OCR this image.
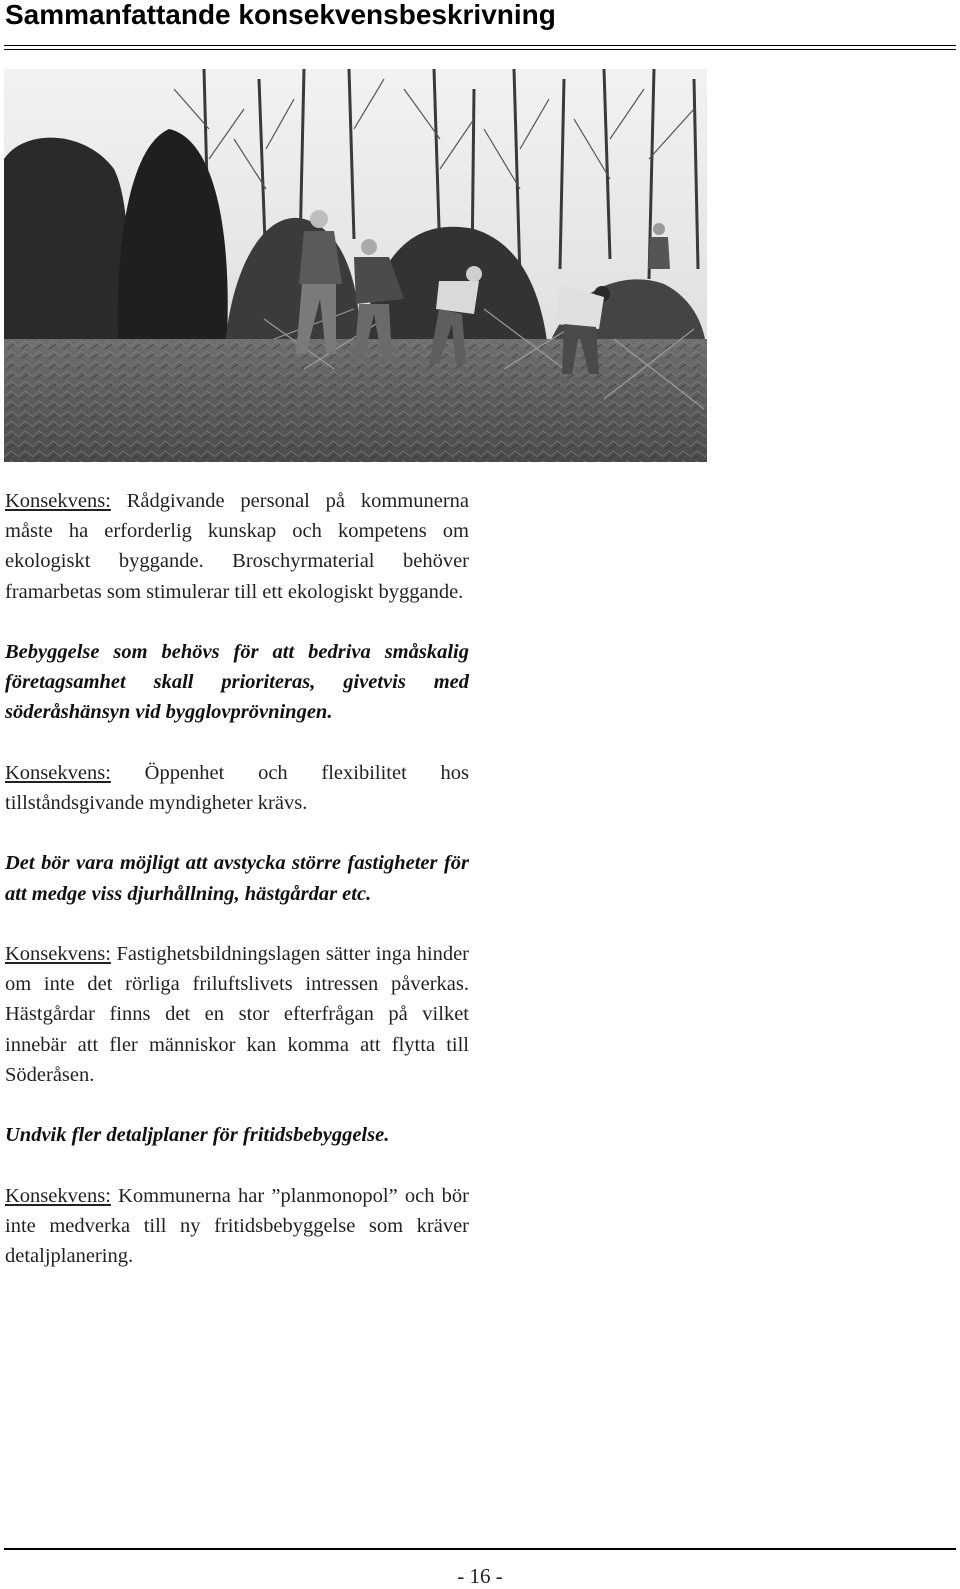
Sammanfattande konsekvensbeskrivning

Konsekvens: Rådgivande personal på kommunerna måste ha erforderlig kunskap och kompetens om ekologiskt byggande. Broschyrmaterial behöver framarbetas som stimulerar till ett ekologiskt byggande.

Bebyggelse som behövs för att bedriva småskalig företagsamhet skall prioriteras, givetvis med söderåshänsyn vid bygglovprövningen.

Konsekvens: Öppenhet och flexibilitet hos tillståndsgivande myndigheter krävs.

Det bör vara möjligt att avstycka större fastigheter för att medge viss djurhållning, hästgårdar etc.

Konsekvens: Fastighetsbildningslagen sätter inga hinder om inte det rörliga friluftslivets intressen påverkas. Hästgårdar finns det en stor efterfrågan på vilket innebär att fler människor kan komma att flytta till Söderåsen.

Undvik fler detaljplaner för fritidsbebyggelse.

Konsekvens: Kommunerna har ”planmonopol” och bör inte medverka till ny fritidsbebyggelse som kräver detaljplanering.

- 16 -
